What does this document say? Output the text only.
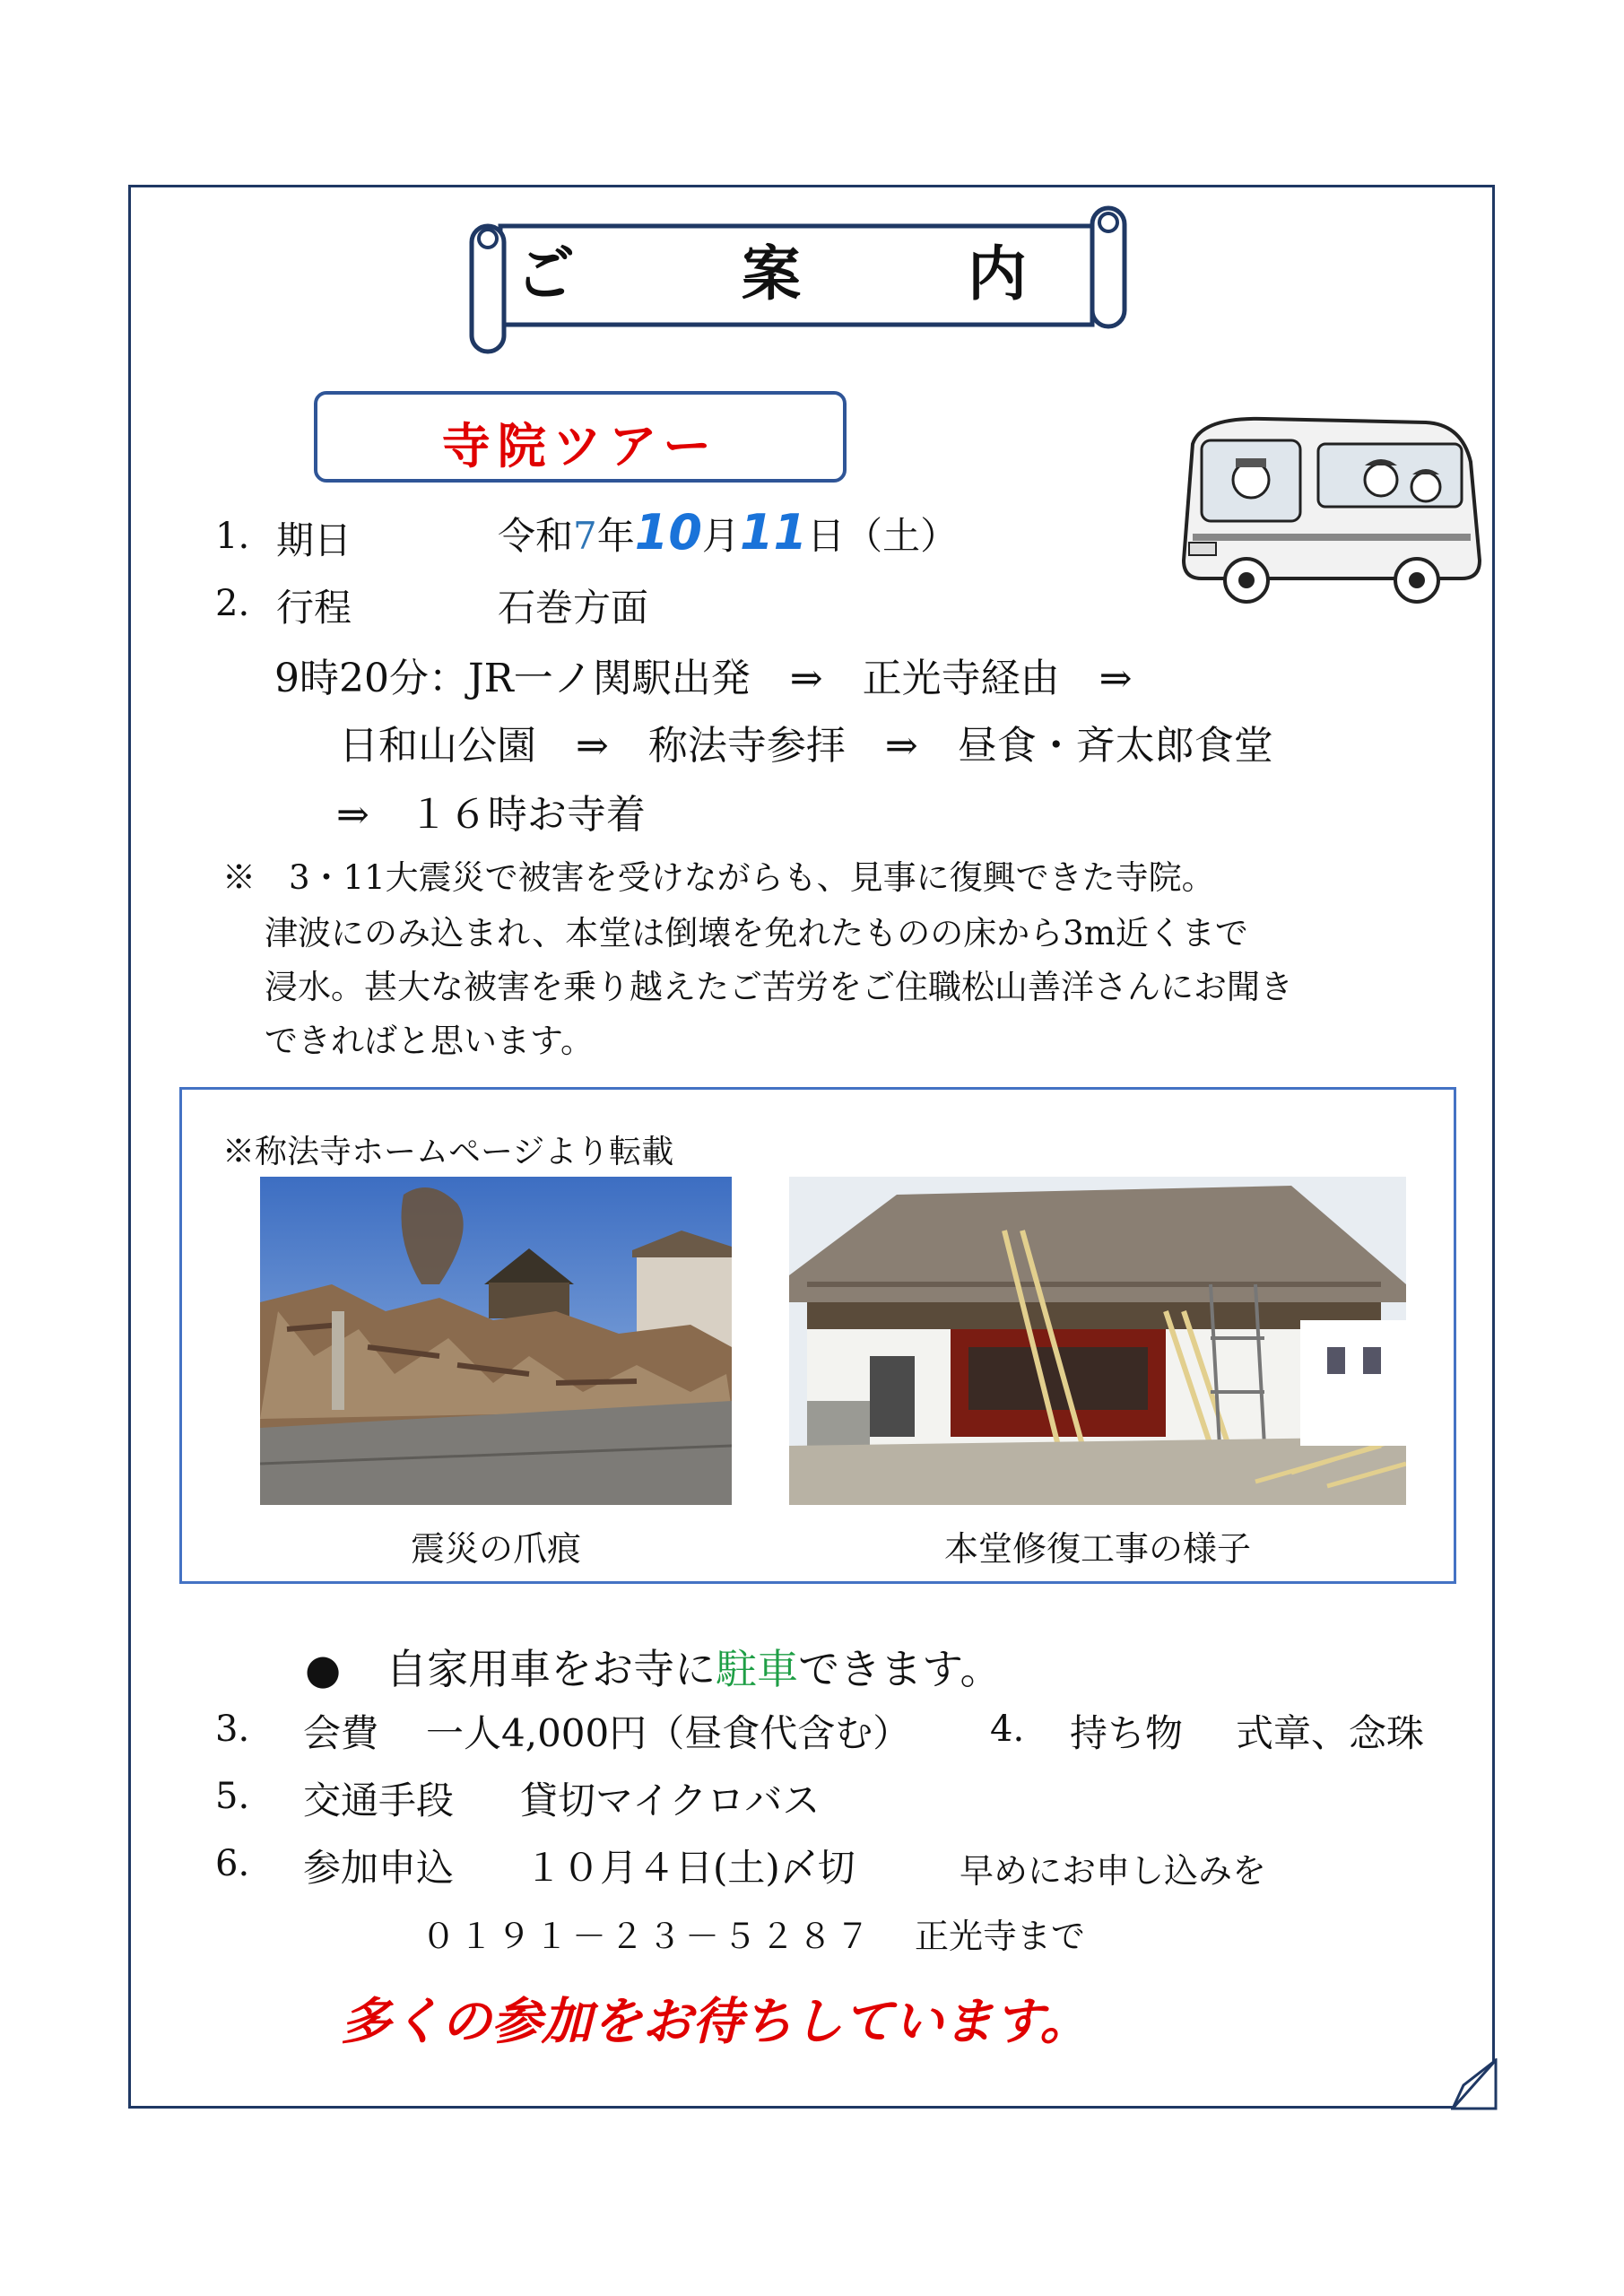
ご　案　内
寺院ツアー
1. 期日	令和7年10月11日（土）
2. 行程	石巻方面
9時20分：JR一ノ関駅出発　⇒　正光寺経由　⇒
日和山公園　⇒　称法寺参拝　⇒　昼食・斉太郎食堂
⇒　１６時お寺着
※　3・11大震災で被害を受けながらも、見事に復興できた寺院。
津波にのみ込まれ、本堂は倒壊を免れたものの床から3m近くまで
浸水。甚大な被害を乗り越えたご苦労をご住職松山善洋さんにお聞き
できればと思います。
※称法寺ホームページより転載
震災の爪痕	本堂修復工事の様子
● 自家用車をお寺に駐車できます。
3. 会費 一人4,000円（昼食代含む） 4. 持ち物 式章、念珠
5. 交通手段 貸切マイクロバス
6. 参加申込 １０月４日(土)〆切	早めにお申し込みを
０１９１－２３－５２８７ 正光寺まで
多くの参加をお待ちしています。
